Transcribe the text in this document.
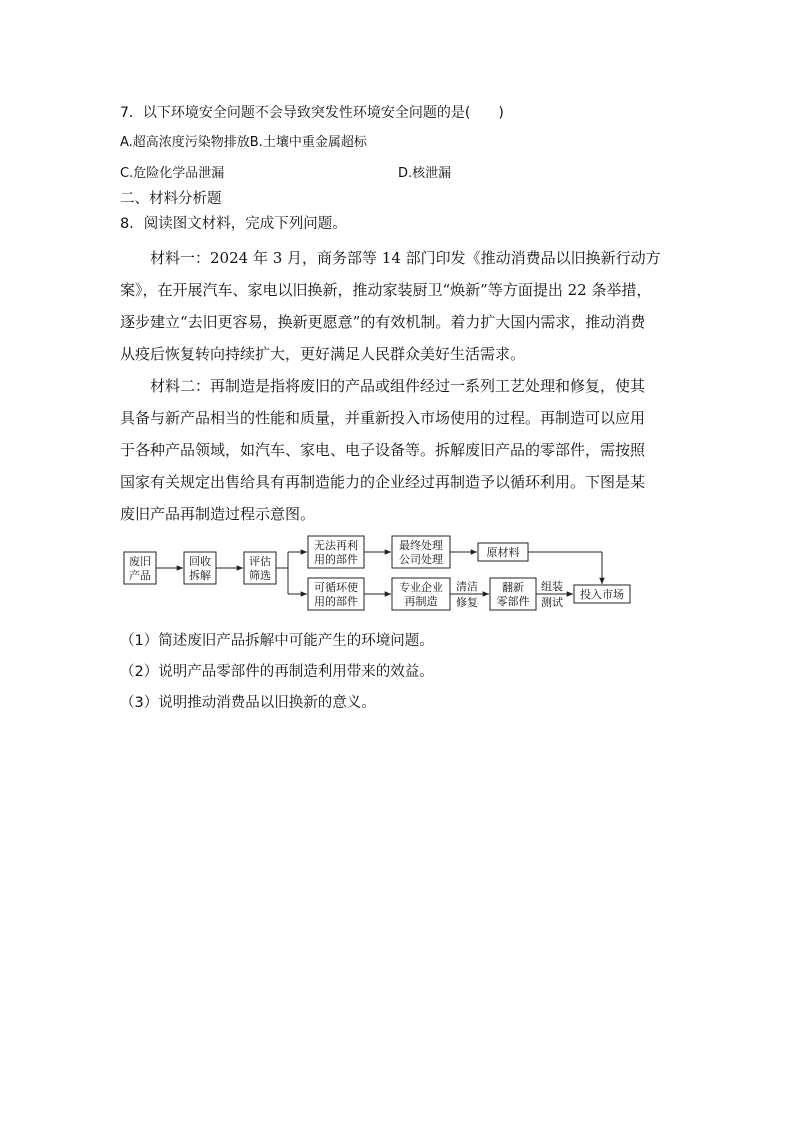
7．以下环境安全问题不会导致突发性环境安全问题的是(　　)
A.超高浓度污染物排放B.土壤中重金属超标
C.危险化学品泄漏	D.核泄漏
二、材料分析题
8．阅读图文材料，完成下列问题。
材料一：2024 年 3 月，商务部等 14 部门印发《推动消费品以旧换新行动方
案》，在开展汽车、家电以旧换新，推动家装厨卫“焕新”等方面提出 22 条举措，
逐步建立“去旧更容易，换新更愿意”的有效机制。着力扩大国内需求，推动消费
从疫后恢复转向持续扩大，更好满足人民群众美好生活需求。
材料二：再制造是指将废旧的产品或组件经过一系列工艺处理和修复，使其
具备与新产品相当的性能和质量，并重新投入市场使用的过程。再制造可以应用
于各种产品领域，如汽车、家电、电子设备等。拆解废旧产品的零部件，需按照
国家有关规定出售给具有再制造能力的企业经过再制造予以循环利用。下图是某
废旧产品再制造过程示意图。
废旧
产品
回收
拆解
评估
筛选
无法再利
用的部件
最终处理
公司处理
原材料
可循环使
用的部件
专业企业
再制造
清洁
修复
翻新
零部件
组装
测试
投入市场
（1）简述废旧产品拆解中可能产生的环境问题。
（2）说明产品零部件的再制造利用带来的效益。
（3）说明推动消费品以旧换新的意义。
